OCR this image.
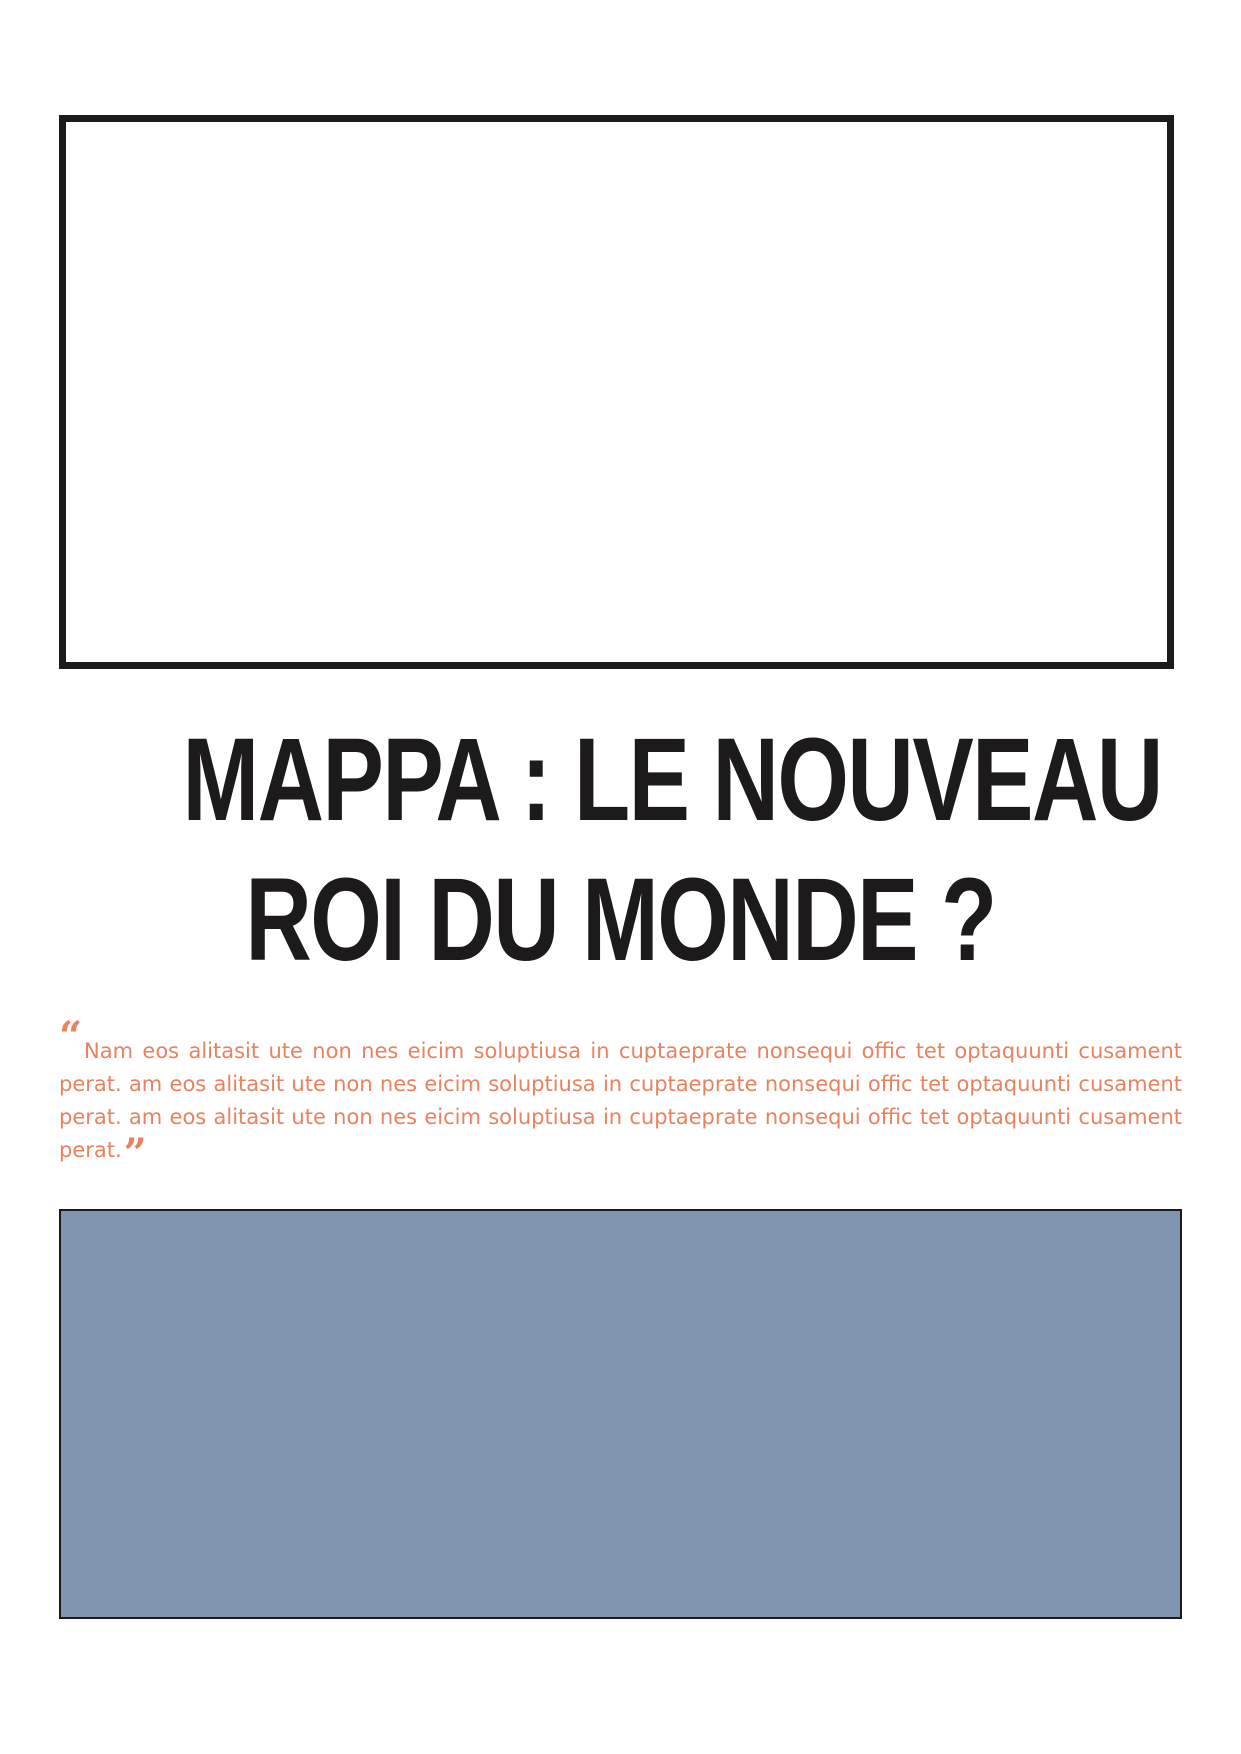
MAPPA : LE NOUVEAU
ROI DU MONDE ?

“Nam eos alitasit ute non nes eicim soluptiusa in cuptaeprate nonsequi offic tet optaquunti cusament perat. am eos alitasit ute non nes eicim soluptiusa in cuptaeprate nonsequi offic tet optaquunti cusament perat. am eos alitasit ute non nes eicim soluptiusa in cuptaeprate nonsequi offic tet optaquunti cusament perat.”
